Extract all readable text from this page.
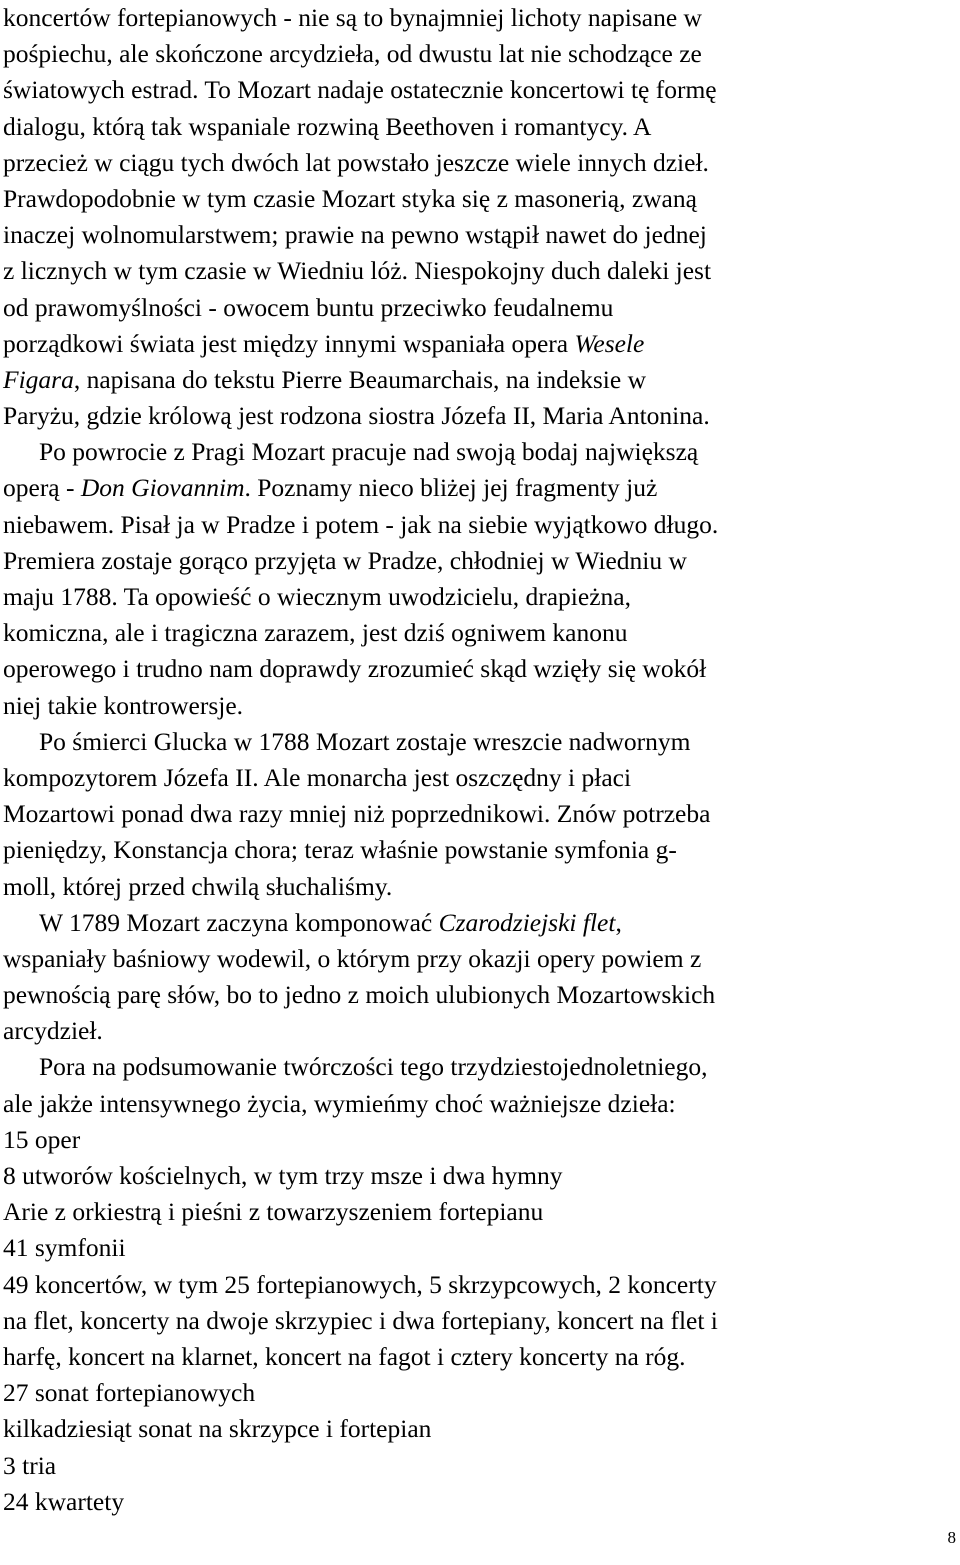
koncertów fortepianowych - nie są to bynajmniej lichoty napisane w
pośpiechu, ale skończone arcydzieła, od dwustu lat nie schodzące ze
światowych estrad. To Mozart nadaje ostatecznie koncertowi tę formę
dialogu, którą tak wspaniale rozwiną Beethoven i romantycy. A
przecież w ciągu tych dwóch lat powstało jeszcze wiele innych dzieł.
Prawdopodobnie w tym czasie Mozart styka się z masonerią, zwaną
inaczej wolnomularstwem; prawie na pewno wstąpił nawet do jednej
z licznych w tym czasie w Wiedniu lóż. Niespokojny duch daleki jest
od prawomyślności - owocem buntu przeciwko feudalnemu
porządkowi świata jest między innymi wspaniała opera Wesele
Figara, napisana do tekstu Pierre Beaumarchais, na indeksie w
Paryżu, gdzie królową jest rodzona siostra Józefa II, Maria Antonina.
Po powrocie z Pragi Mozart pracuje nad swoją bodaj największą
operą - Don Giovannim. Poznamy nieco bliżej jej fragmenty już
niebawem. Pisał ja w Pradze i potem - jak na siebie wyjątkowo długo.
Premiera zostaje gorąco przyjęta w Pradze, chłodniej w Wiedniu w
maju 1788. Ta opowieść o wiecznym uwodzicielu, drapieżna,
komiczna, ale i tragiczna zarazem, jest dziś ogniwem kanonu
operowego i trudno nam doprawdy zrozumieć skąd wzięły się wokół
niej takie kontrowersje.
Po śmierci Glucka w 1788 Mozart zostaje wreszcie nadwornym
kompozytorem Józefa II. Ale monarcha jest oszczędny i płaci
Mozartowi ponad dwa razy mniej niż poprzednikowi. Znów potrzeba
pieniędzy, Konstancja chora; teraz właśnie powstanie symfonia g-
moll, której przed chwilą słuchaliśmy.
W 1789 Mozart zaczyna komponować Czarodziejski flet,
wspaniały baśniowy wodewil, o którym przy okazji opery powiem z
pewnością parę słów, bo to jedno z moich ulubionych Mozartowskich
arcydzieł.
Pora na podsumowanie twórczości tego trzydziestojednoletniego,
ale jakże intensywnego życia, wymieńmy choć ważniejsze dzieła:
15 oper
8 utworów kościelnych, w tym trzy msze i dwa hymny
Arie z orkiestrą i pieśni z towarzyszeniem fortepianu
41 symfonii
49 koncertów, w tym 25 fortepianowych, 5 skrzypcowych, 2 koncerty
na flet, koncerty na dwoje skrzypiec i dwa fortepiany, koncert na flet i
harfę, koncert na klarnet, koncert na fagot i cztery koncerty na róg.
27 sonat fortepianowych
kilkadziesiąt sonat na skrzypce i fortepian
3 tria
24 kwartety
8
